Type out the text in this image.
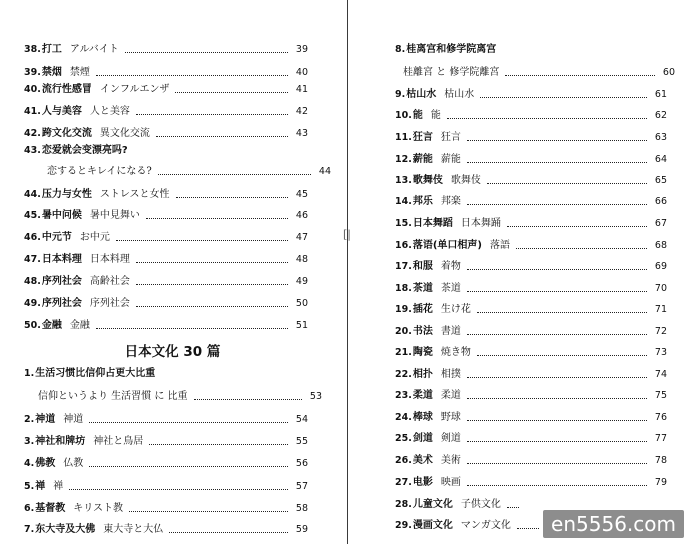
38. 打工 アルバイト	39
39. 禁烟 禁煙	40
40. 流行性感冒 インフルエンザ	41
41. 人与美容 人と美容	42
42. 跨文化交流 異文化交流	43
43. 恋爱就会变漂亮吗?
恋するとキレイになる?	44
44. 压力与女性 ストレスと女性	45
45. 暑中问候 暑中見舞い	46
46. 中元节 お中元	47
47. 日本料理 日本料理	48
48. 序列社会 高齢社会	49
49. 序列社会 序列社会	50
50. 金融 金融	51
日本文化 30 篇
1. 生活习惯比信仰占更大比重
信仰というより 生活習慣 に 比重	53
2. 神道 神道	54
3. 神社和牌坊 神社と鳥居	55
4. 佛教 仏教	56
5. 禅 禅	57
6. 基督教 キリスト教	58
7. 东大寺及大佛 東大寺と大仏	59
[|
8. 桂离宫和修学院离宫
桂離宮 と 修学院離宮	60
9. 枯山水 枯山水	61
10. 能 能	62
11. 狂言 狂言	63
12. 薪能 薪能	64
13. 歌舞伎 歌舞伎	65
14. 邦乐 邦楽	66
15. 日本舞蹈 日本舞踊	67
16. 落语(单口相声) 落語	68
17. 和服 着物	69
18. 茶道 茶道	70
19. 插花 生け花	71
20. 书法 書道	72
21. 陶瓷 焼き物	73
22. 相扑 相撲	74
23. 柔道 柔道	75
24. 棒球 野球	76
25. 剑道 剣道	77
26. 美术 美術	78
27. 电影 映画	79
28. 儿童文化 子供文化
29. 漫画文化 マンガ文化	en5556.com
